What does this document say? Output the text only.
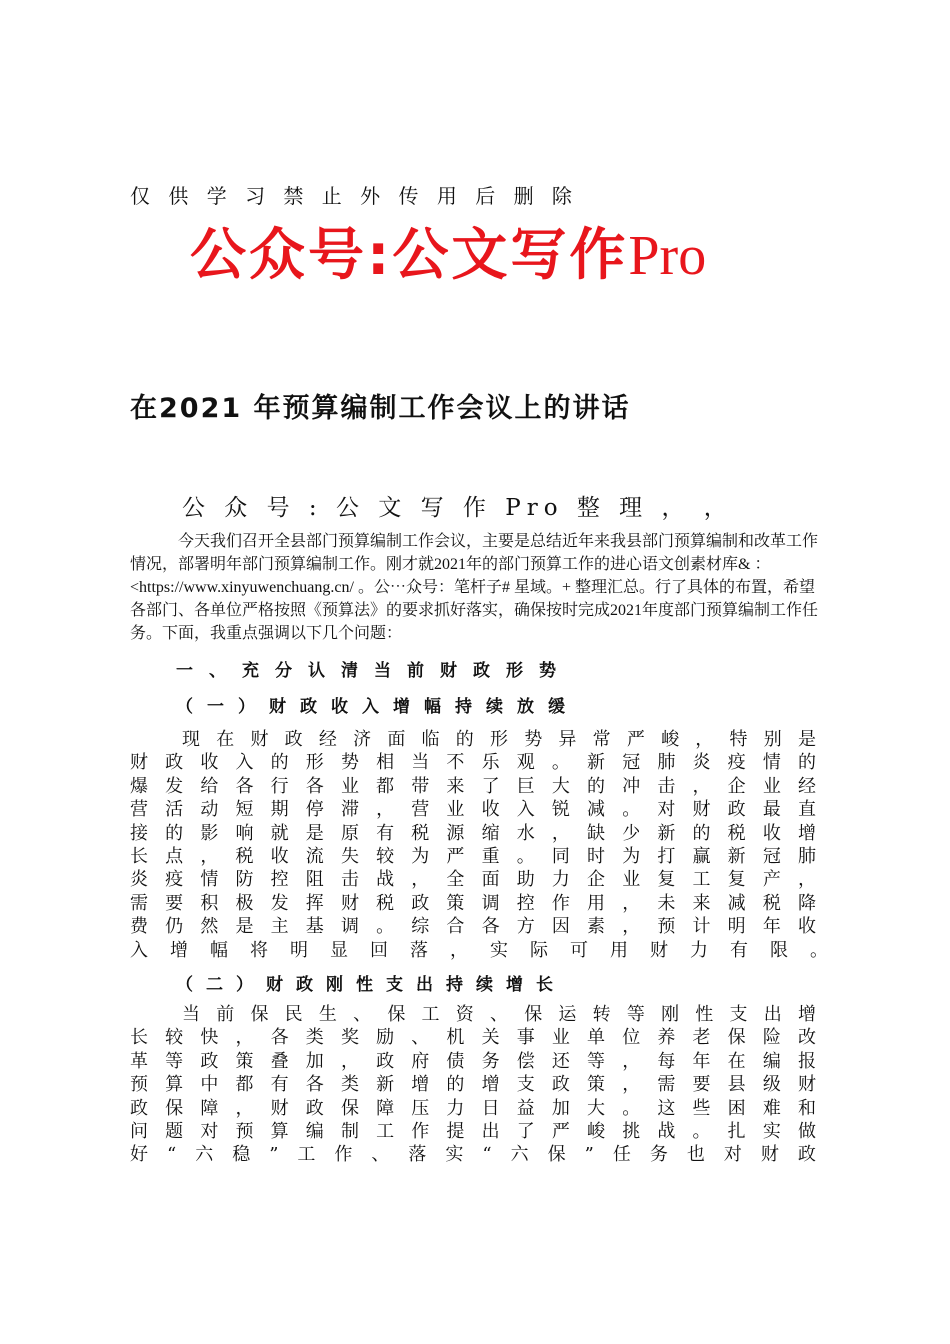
仅 供 学 习 禁 止 外 传 用 后 删 除
公众号:公文写作Pro
在2021 年预算编制工作会议上的讲话
公 众 号 : 公 文 写 作 Pro 整 理 ， ，
今天我们召开全县部门预算编制工作会议，主要是总结近年来我县部门预算编制和改革工作情况，部署明年部门预算编制工作。刚才就2021年的部门预算工作的进心语文创素材库& ：<https://www.xinyuwenchuang.cn/ 。公⋯众号：笔杆子# 星域。+ 整理汇总。行了具体的布置，希望各部门、各单位严格按照《预算法》的要求抓好落实，确保按时完成2021年度部门预算编制工作任务。下面，我重点强调以下几个问题：
一、充分认清当前财政形势
（一）财政收入增幅持续放缓
现 在 财 政 经 济 面 临 的 形 势 异 常 严 峻 ， 特 别 是
财 政 收 入 的 形 势 相 当 不 乐 观 。 新 冠 肺 炎 疫 情 的
爆 发 给 各 行 各 业 都 带 来 了 巨 大 的 冲 击 ， 企 业 经
营 活 动 短 期 停 滞 ， 营 业 收 入 锐 减 。 对 财 政 最 直
接 的 影 响 就 是 原 有 税 源 缩 水 ， 缺 少 新 的 税 收 增
长 点 ， 税 收 流 失 较 为 严 重 。 同 时 为 打 赢 新 冠 肺
炎 疫 情 防 控 阻 击 战 ， 全 面 助 力 企 业 复 工 复 产 ，
需 要 积 极 发 挥 财 税 政 策 调 控 作 用 ， 未 来 减 税 降
费 仍 然 是 主 基 调 。 综 合 各 方 因 素 ， 预 计 明 年 收
入 增 幅 将 明 显 回 落 ， 实 际 可 用 财 力 有 限 。
（二）财政刚性支出持续增长
当 前 保 民 生 、 保 工 资 、 保 运 转 等 刚 性 支 出 增
长 较 快 ， 各 类 奖 励 、 机 关 事 业 单 位 养 老 保 险 改
革 等 政 策 叠 加 ， 政 府 债 务 偿 还 等 ， 每 年 在 编 报
预 算 中 都 有 各 类 新 增 的 增 支 政 策 ， 需 要 县 级 财
政 保 障 ， 财 政 保 障 压 力 日 益 加 大 。 这 些 困 难 和
问 题 对 预 算 编 制 工 作 提 出 了 严 峻 挑 战 。 扎 实 做
好 “ 六 稳 ” 工 作 、 落 实 “ 六 保 ” 任 务 也 对 财 政
